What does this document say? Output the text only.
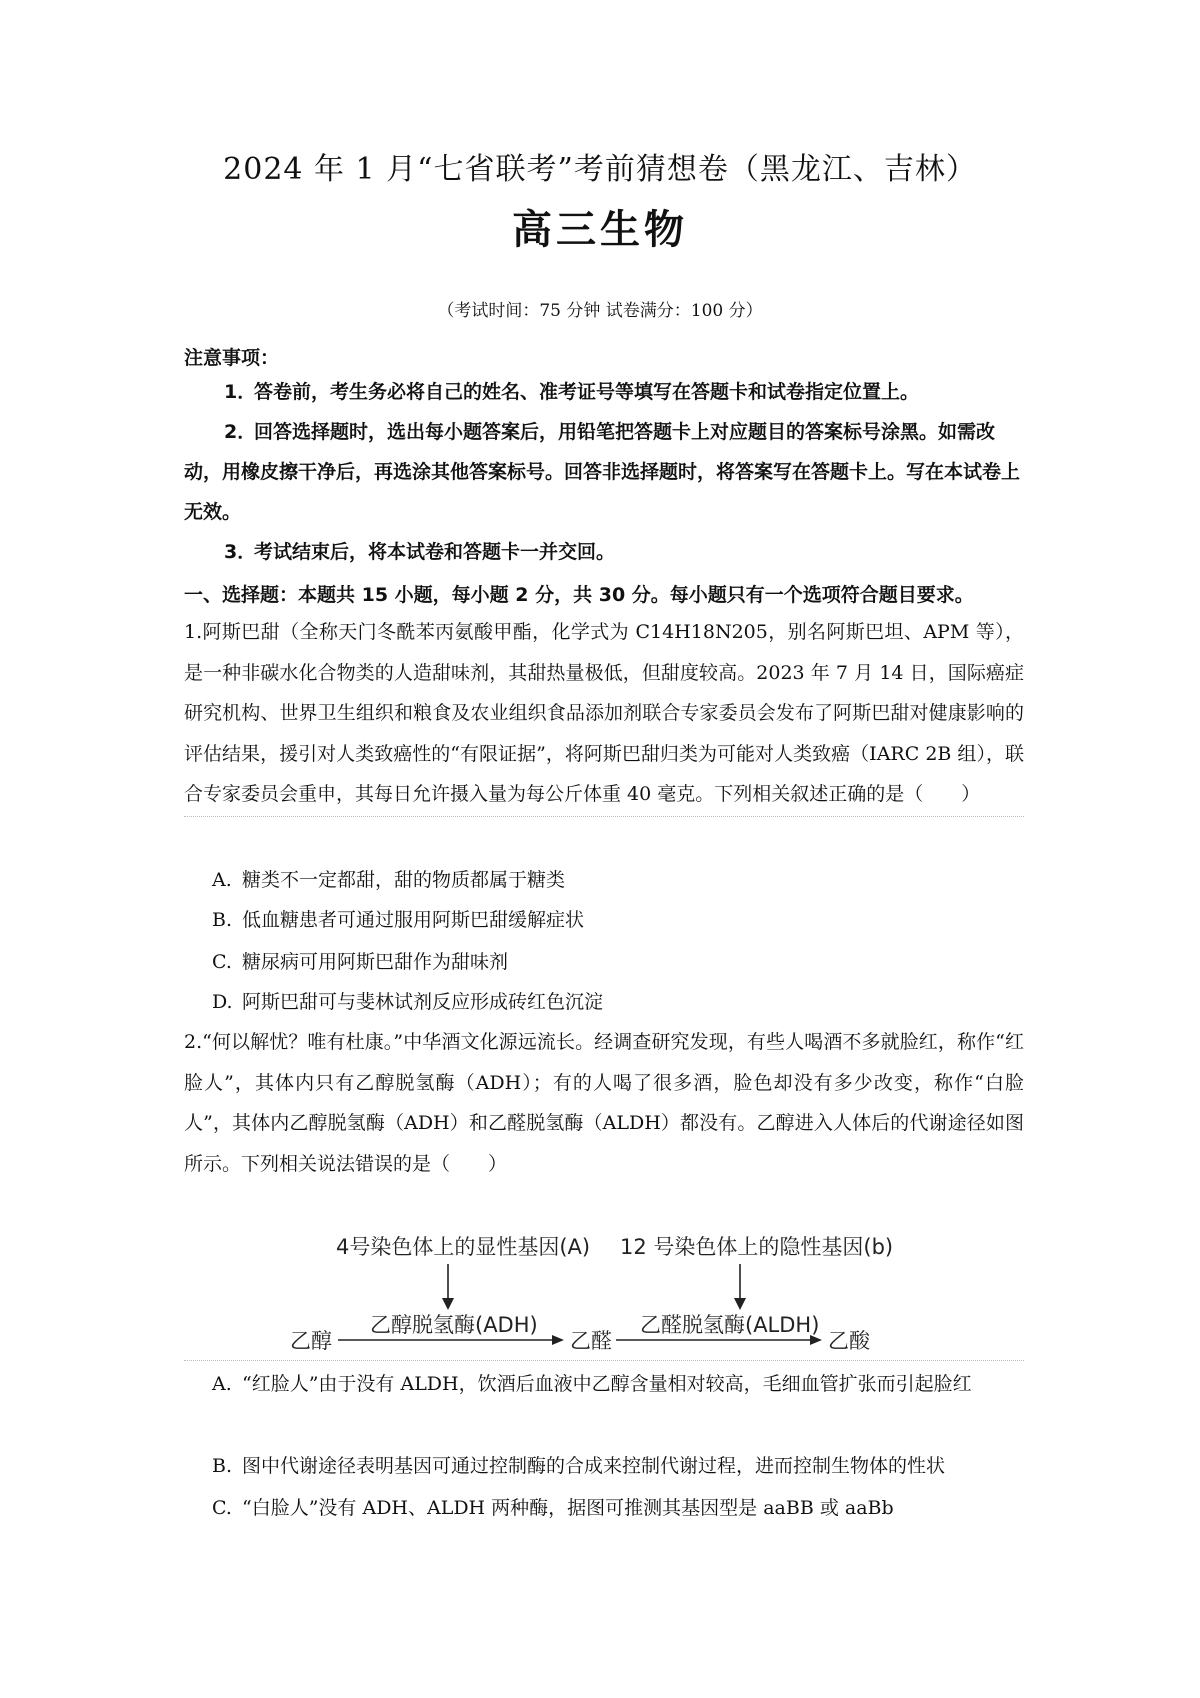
2024 年 1 月“七省联考”考前猜想卷（黑龙江、吉林）
高三生物
（考试时间：75 分钟 试卷满分：100 分）
注意事项：
1．答卷前，考生务必将自己的姓名、准考证号等填写在答题卡和试卷指定位置上。
2．回答选择题时，选出每小题答案后，用铅笔把答题卡上对应题目的答案标号涂黑。如需改动，用橡皮擦干净后，再选涂其他答案标号。回答非选择题时，将答案写在答题卡上。写在本试卷上无效。
3．考试结束后，将本试卷和答题卡一并交回。
一、选择题：本题共 15 小题，每小题 2 分，共 30 分。每小题只有一个选项符合题目要求。
1.阿斯巴甜（全称天门冬酰苯丙氨酸甲酯，化学式为 C14H18N205，别名阿斯巴坦、APM 等），是一种非碳水化合物类的人造甜味剂，其甜热量极低，但甜度较高。2023 年 7 月 14 日，国际癌症研究机构、世界卫生组织和粮食及农业组织食品添加剂联合专家委员会发布了阿斯巴甜对健康影响的评估结果，援引对人类致癌性的“有限证据”，将阿斯巴甜归类为可能对人类致癌（IARC 2B 组），联合专家委员会重申，其每日允许摄入量为每公斤体重 40 毫克。下列相关叙述正确的是（　　）
A. 糖类不一定都甜，甜的物质都属于糖类
B. 低血糖患者可通过服用阿斯巴甜缓解症状
C. 糖尿病可用阿斯巴甜作为甜味剂
D. 阿斯巴甜可与斐林试剂反应形成砖红色沉淀
2.“何以解忧？唯有杜康。”中华酒文化源远流长。经调查研究发现，有些人喝酒不多就脸红，称作“红脸人”，其体内只有乙醇脱氢酶（ADH）；有的人喝了很多酒，脸色却没有多少改变，称作“白脸人”，其体内乙醇脱氢酶（ADH）和乙醛脱氢酶（ALDH）都没有。乙醇进入人体后的代谢途径如图所示。下列相关说法错误的是（　　）
4号染色体上的显性基因(A) 12 号染色体上的隐性基因(b)
乙醇
乙醇脱氢酶(ADH)
乙醛
乙醛脱氢酶(ALDH)
乙酸
A. “红脸人”由于没有 ALDH，饮酒后血液中乙醇含量相对较高，毛细血管扩张而引起脸红
B. 图中代谢途径表明基因可通过控制酶的合成来控制代谢过程，进而控制生物体的性状
C. “白脸人”没有 ADH、ALDH 两种酶，据图可推测其基因型是 aaBB 或 aaBb
